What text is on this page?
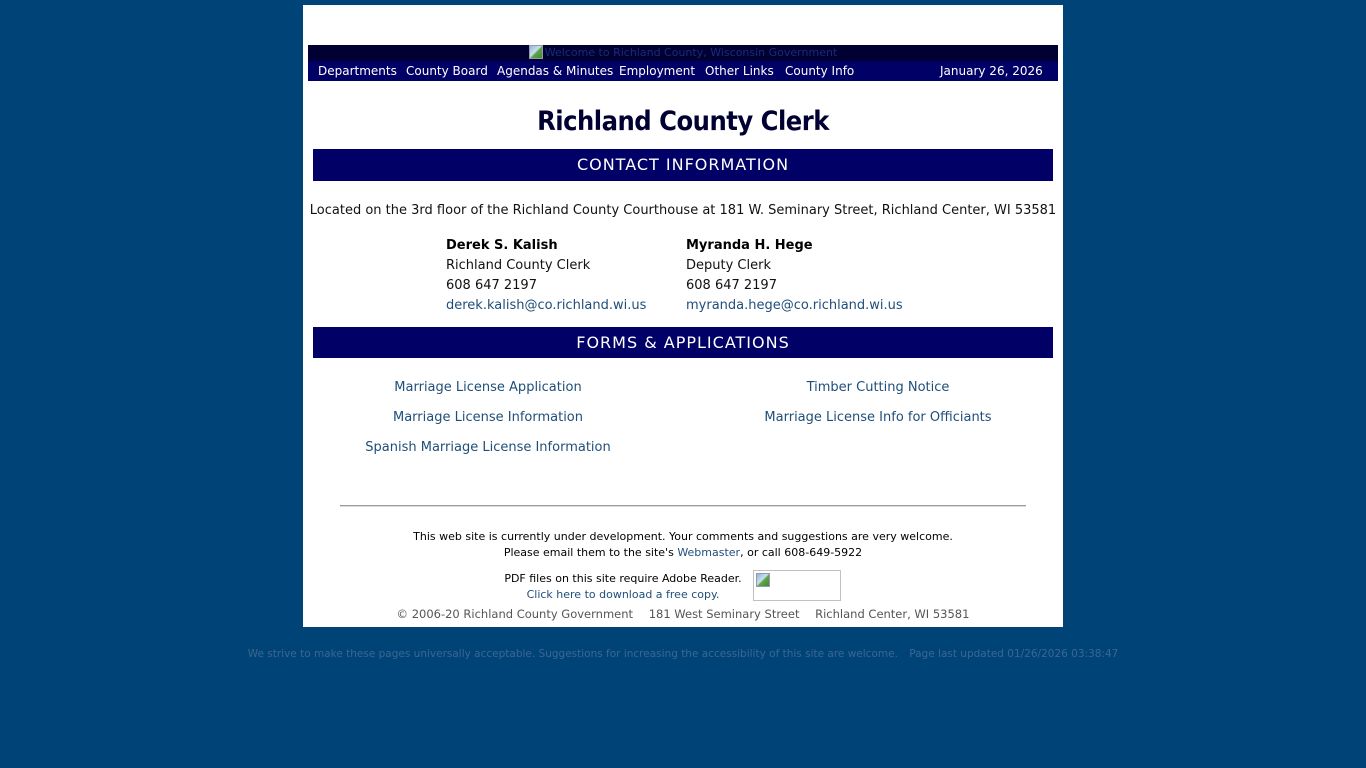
Welcome to Richland County, Wisconsin Government
Departments County Board Agendas & Minutes Employment Other Links County Info	January 26, 2026
Richland County Clerk
CONTACT INFORMATION
Located on the 3rd floor of the Richland County Courthouse at 181 W. Seminary Street, Richland Center, WI 53581
Derek S. Kalish
Richland County Clerk
608 647 2197
derek.kalish@co.richland.wi.us
Myranda H. Hege
Deputy Clerk
608 647 2197
myranda.hege@co.richland.wi.us
FORMS & APPLICATIONS
Marriage License Application
Marriage License Information
Spanish Marriage License Information
Timber Cutting Notice
Marriage License Info for Officiants
This web site is currently under development. Your comments and suggestions are very welcome.
Please email them to the site's Webmaster, or call 608-649-5922
PDF files on this site require Adobe Reader.
Click here to download a free copy.
© 2006-20 Richland County Government 181 West Seminary Street Richland Center, WI 53581
We strive to make these pages universally acceptable. Suggestions for increasing the accessibility of this site are welcome. Page last updated 01/26/2026 03:38:47
